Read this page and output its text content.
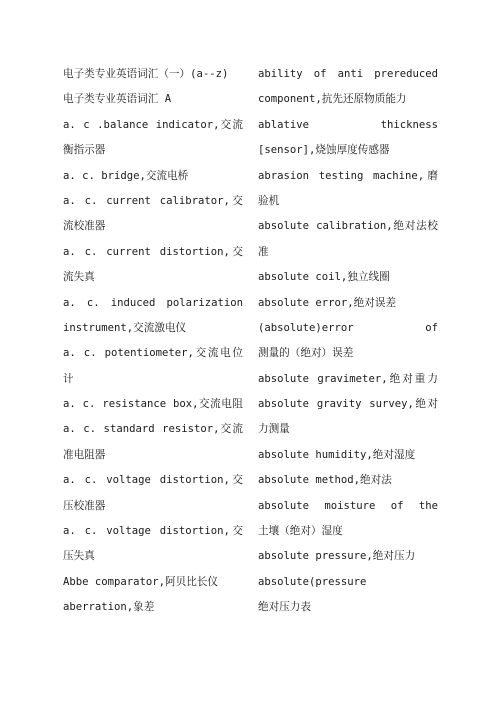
电子类专业英语词汇（一）(a--z)
电子类专业英语词汇 A
a. c .balance indicator,交流
衡指示器
a. c. bridge,交流电桥
a. c. current calibrator,交
流校准器
a. c. current distortion,交
流失真
a. c. induced polarization
instrument,交流激电仪
a. c. potentiometer,交流电位
计
a. c. resistance box,交流电阻
a. c. standard resistor,交流
准电阻器
a. c. voltage distortion,交
压校准器
a. c. voltage distortion,交
压失真
Abbe comparator,阿贝比长仪
aberration,象差
ability of anti prereduced
component,抗先还原物质能力
ablative thickness
[sensor],烧蚀厚度传感器
abrasion testing machine,磨
验机
absolute calibration,绝对法校
准
absolute coil,独立线圈
absolute error,绝对误差
(absolute)error of
测量的（绝对）误差
absolute gravimeter,绝对重力
absolute gravity survey,绝对
力测量
absolute humidity,绝对湿度
absolute method,绝对法
absolute moisture of the
土壤（绝对）湿度
absolute pressure,绝对压力
absolute(pressure
绝对压力表
